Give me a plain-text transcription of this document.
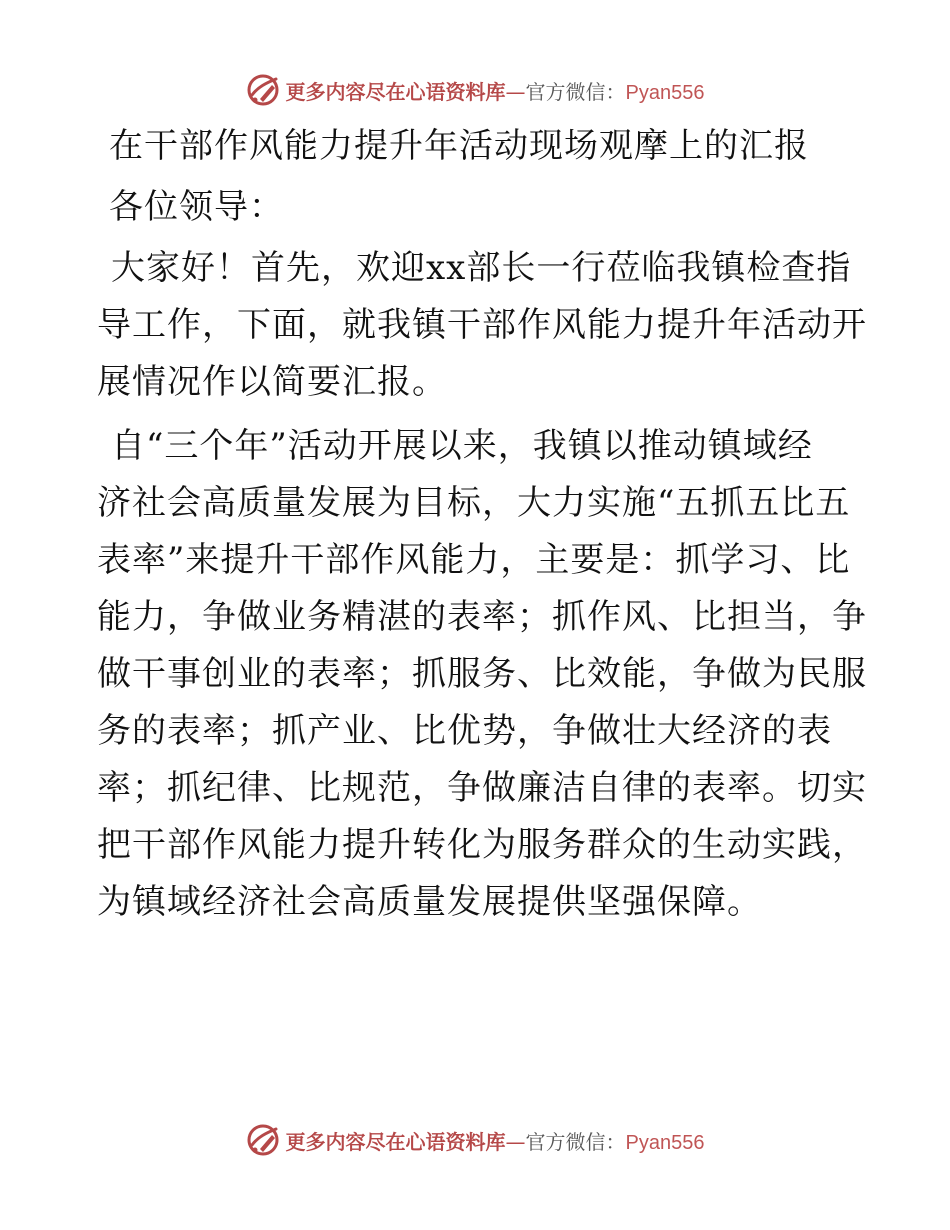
更多内容尽在心语资料库—官方微信：Pyan556
在干部作风能力提升年活动现场观摩上的汇报
各位领导：
大家好！首先，欢迎xx部长一行莅临我镇检查指
导工作，下面，就我镇干部作风能力提升年活动开
展情况作以简要汇报。
自“三个年”活动开展以来，我镇以推动镇域经
济社会高质量发展为目标，大力实施“五抓五比五
表率”来提升干部作风能力，主要是：抓学习、比
能力，争做业务精湛的表率；抓作风、比担当，争
做干事创业的表率；抓服务、比效能，争做为民服
务的表率；抓产业、比优势，争做壮大经济的表
率；抓纪律、比规范，争做廉洁自律的表率。切实
把干部作风能力提升转化为服务群众的生动实践，
为镇域经济社会高质量发展提供坚强保障。
更多内容尽在心语资料库—官方微信：Pyan556
